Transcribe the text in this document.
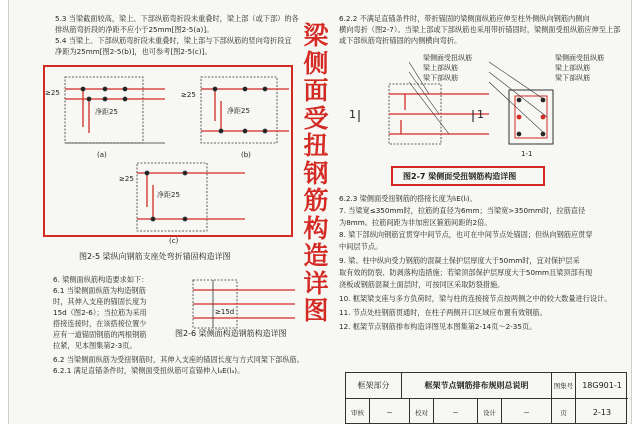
5.3 当梁截面较高，梁上、下部纵筋弯折段未重叠时，梁上部（或下部）的各
排纵筋弯折段的净距不应小于25mm[图2-5(a)]。
5.4 当梁上、下部纵筋弯折段未重叠时，梁上部与下部纵筋的竖向弯折段宜
净距为25mm[图2-5(b)]，也可参考[图2-5(c)]。
≥25
净距25
(a)
≥25
净距25
(b)
≥25
净距25
(c)
图2-5 梁纵向钢筋支座处弯折锚固构造详图
6. 梁侧面纵筋构造要求如下：
6.1 当梁侧面纵筋为构造钢筋
时，其伸入支座的锚固长度为
15d（图2-6）；当拉筋为采用
搭接连接时，在该搭接位置少
应有一道锚固钢筋的两根钢筋
拉紧，见本图集第2-3页。
≥15d
图2-6 梁侧面构造钢筋构造详图
6.2 当梁侧面纵筋为受扭钢筋时，其伸入支座的锚固长度与方式同架下部纵筋。
6.2.1 满足直锚条件时，梁侧面受扭纵筋可直锚伸入lₐE(lₐ)。
梁侧面受扭钢筋构造详图
6.2.2 不满足直锚条件时，带折锚固的梁侧面纵筋应伸至柱外侧纵向钢筋内侧向
横向弯折（图2-7）。当梁上部或下部纵筋也采用带折锚固时，梁侧面受扭纵筋应伸至上部
或下部纵筋弯折锚固的内侧横向弯折。
梁侧面受扭纵筋
梁上部纵筋
梁下部纵筋
梁侧面受扭纵筋
梁上部纵筋
梁下部纵筋
1	1
1-1
图2-7 梁侧面受扭钢筋构造详图
6.2.3 梁侧面受扭钢筋的搭接长度为lₗE(lₗ)。
7. 当梁宽≤350mm时，拉筋的直径为6mm；当梁宽>350mm时，拉筋直径
为8mm。拉筋间距为非加密区箍筋间距的2倍。
8. 梁下部纵向钢筋宜贯穿中间节点，也可在中间节点处锚固；但纵向钢筋应贯穿
中间层节点。
9. 梁、柱中纵向受力钢筋的混凝土保护层厚度大于50mm时，宜对保护层采
取有效的防裂、防剥落构造措施；若梁顶部保护层厚度大于50mm且梁顶部有现
浇板或钢筋混凝土面层时，可按同区采取防裂措施。
10. 框架梁支座与多方负荷时，梁与柱的连接接节点按两侧之中的较大数量进行设计。
11. 节点处柱钢筋贯通时，在柱子两侧开口区域应布置有效钢筋。
12. 框架节点钢筋排布构造详图见本图集第2-14页～2-35页。
框架部分	框架节点钢筋排布规则总说明	图集号	18G901-1
审核	~	校对	~	设计	~	页	2-13
